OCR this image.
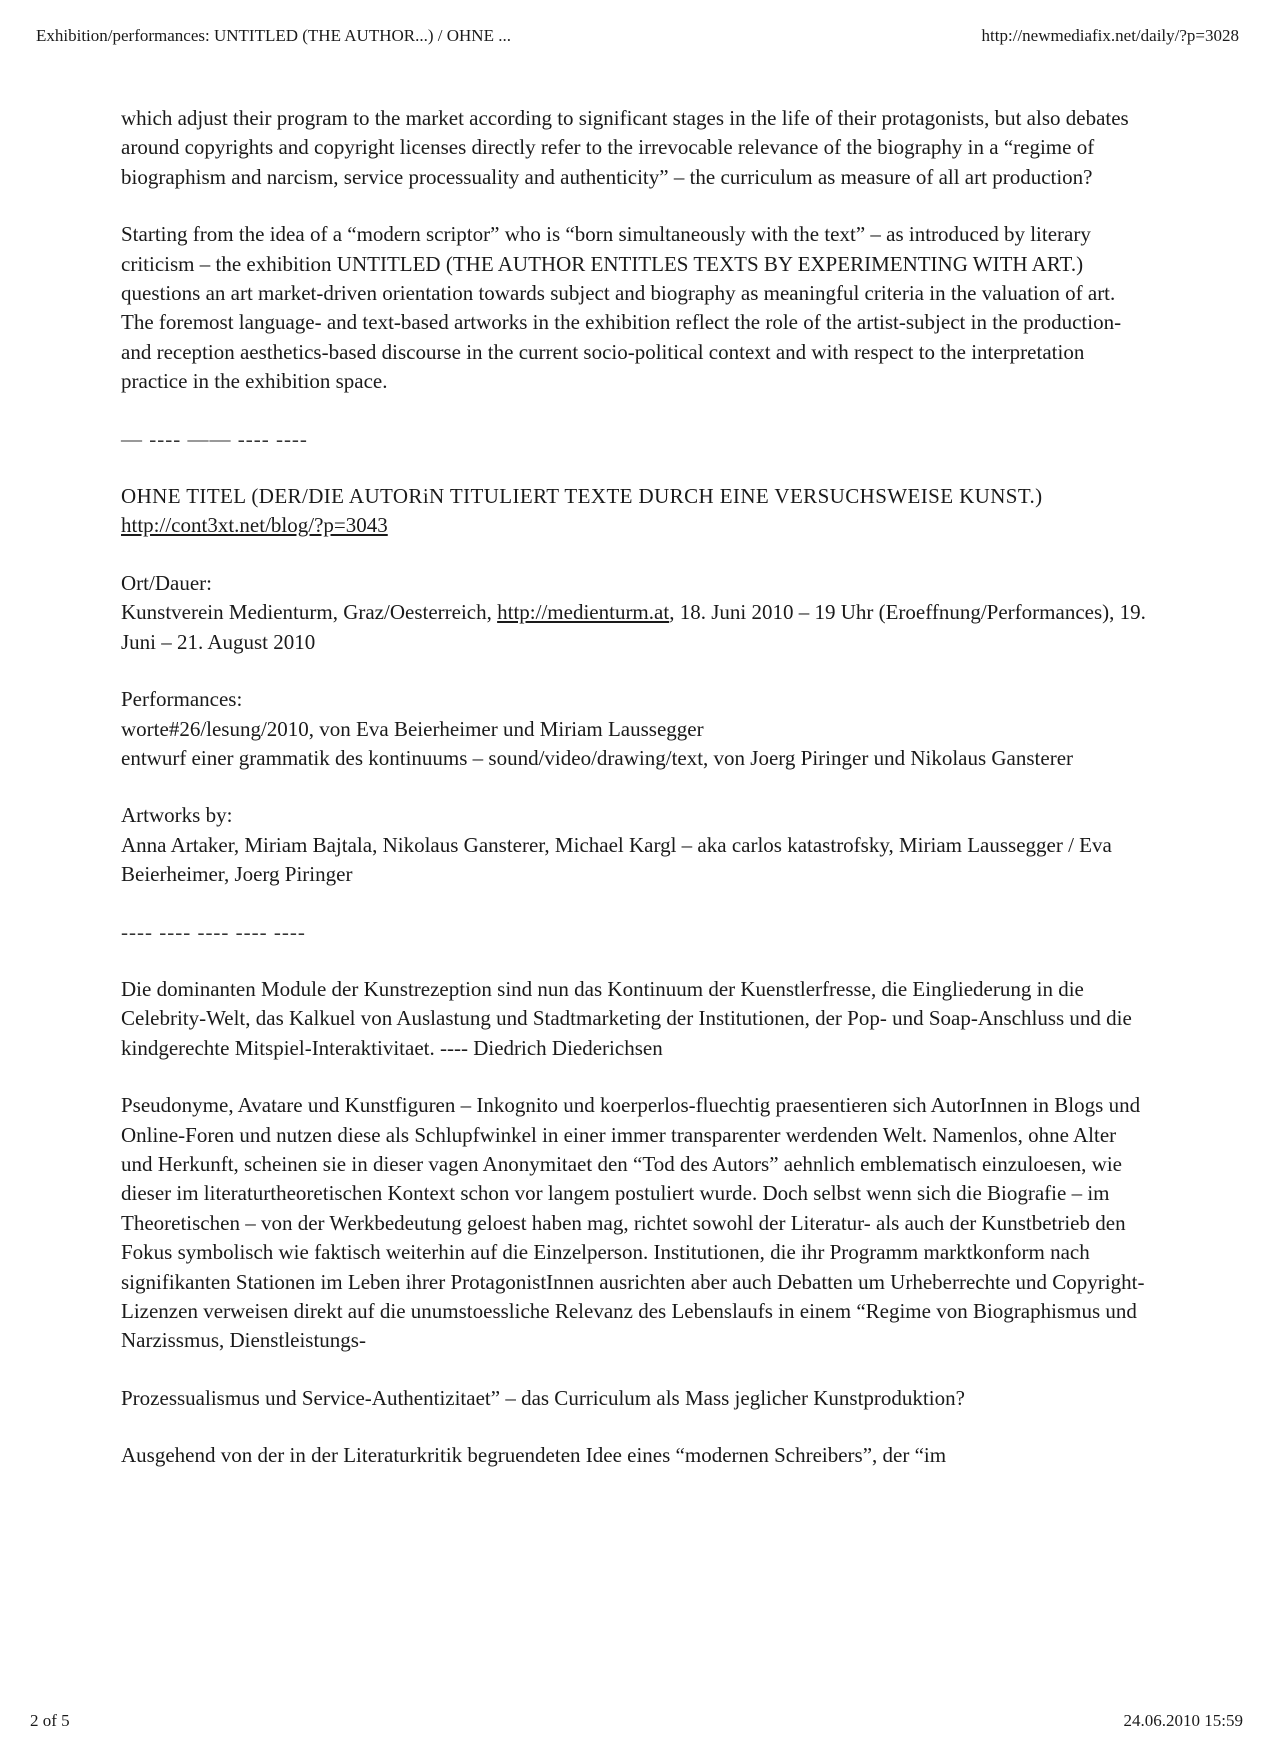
Exhibition/performances: UNTITLED (THE AUTHOR...) / OHNE ...	http://newmediafix.net/daily/?p=3028

which adjust their program to the market according to significant stages in the life of their protagonists, but also debates around copyrights and copyright licenses directly refer to the irrevocable relevance of the biography in a “regime of biographism and narcism, service processuality and authenticity” – the curriculum as measure of all art production?

Starting from the idea of a “modern scriptor” who is “born simultaneously with the text” – as introduced by literary criticism – the exhibition UNTITLED (THE AUTHOR ENTITLES TEXTS BY EXPERIMENTING WITH ART.) questions an art market-driven orientation towards subject and biography as meaningful criteria in the valuation of art. The foremost language- and text-based artworks in the exhibition reflect the role of the artist-subject in the production- and reception aesthetics-based discourse in the current socio-political context and with respect to the interpretation practice in the exhibition space.

— ---- —— ---- ----

OHNE TITEL (DER/DIE AUTORiN TITULIERT TEXTE DURCH EINE VERSUCHSWEISE KUNST.)

http://cont3xt.net/blog/?p=3043

Ort/Dauer:

Kunstverein Medienturm, Graz/Oesterreich, http://medienturm.at, 18. Juni 2010 – 19 Uhr (Eroeffnung/Performances), 19. Juni – 21. August 2010

Performances:

worte#26/lesung/2010, von Eva Beierheimer und Miriam Laussegger

entwurf einer grammatik des kontinuums – sound/video/drawing/text, von Joerg Piringer und Nikolaus Gansterer

Artworks by:

Anna Artaker, Miriam Bajtala, Nikolaus Gansterer, Michael Kargl – aka carlos katastrofsky, Miriam Laussegger / Eva Beierheimer, Joerg Piringer

---- ---- ---- ---- ----

Die dominanten Module der Kunstrezeption sind nun das Kontinuum der Kuenstlerfresse, die Eingliederung in die Celebrity-Welt, das Kalkuel von Auslastung und Stadtmarketing der Institutionen, der Pop- und Soap-Anschluss und die kindgerechte Mitspiel-Interaktivitaet. ---- Diedrich Diederichsen

Pseudonyme, Avatare und Kunstfiguren – Inkognito und koerperlos-fluechtig praesentieren sich AutorInnen in Blogs und Online-Foren und nutzen diese als Schlupfwinkel in einer immer transparenter werdenden Welt. Namenlos, ohne Alter und Herkunft, scheinen sie in dieser vagen Anonymitaet den “Tod des Autors” aehnlich emblematisch einzuloesen, wie dieser im literaturtheoretischen Kontext schon vor langem postuliert wurde. Doch selbst wenn sich die Biografie – im Theoretischen – von der Werkbedeutung geloest haben mag, richtet sowohl der Literatur- als auch der Kunstbetrieb den Fokus symbolisch wie faktisch weiterhin auf die Einzelperson. Institutionen, die ihr Programm marktkonform nach signifikanten Stationen im Leben ihrer ProtagonistInnen ausrichten aber auch Debatten um Urheberrechte und Copyright-Lizenzen verweisen direkt auf die unumstoessliche Relevanz des Lebenslaufs in einem “Regime von Biographismus und Narzissmus, Dienstleistungs-

Prozessualismus und Service-Authentizitaet” – das Curriculum als Mass jeglicher Kunstproduktion?

Ausgehend von der in der Literaturkritik begruendeten Idee eines “modernen Schreibers”, der “im

2 of 5	24.06.2010 15:59
